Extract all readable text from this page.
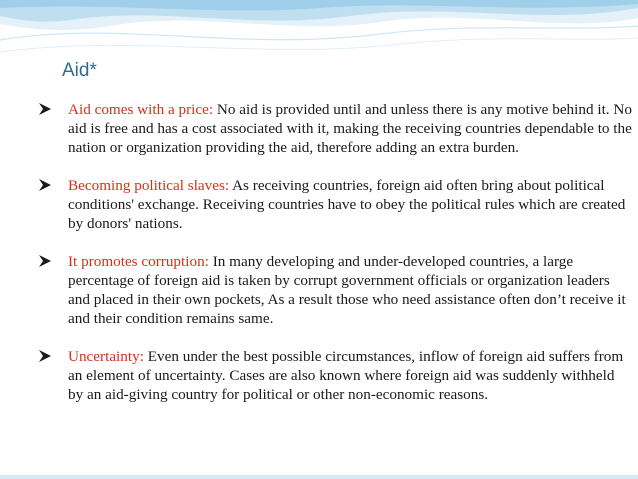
Aid*
Aid comes with a price: No aid is provided until and unless there is any motive behind it. No aid is free and has a cost associated with it, making the receiving countries dependable to the nation or organization providing the aid, therefore adding an extra burden.
Becoming political slaves: As receiving countries, foreign aid often bring about political conditions' exchange. Receiving countries have to obey the political rules which are created by donors' nations.
It promotes corruption: In many developing and under-developed countries, a large percentage of foreign aid is taken by corrupt government officials or organization leaders and placed in their own pockets, As a result those who need assistance often don’t receive it and their condition remains same.
Uncertainty: Even under the best possible circumstances, inflow of foreign aid suffers from an element of uncertainty. Cases are also known where foreign aid was suddenly withheld by an aid-giving country for political or other non-economic reasons.
